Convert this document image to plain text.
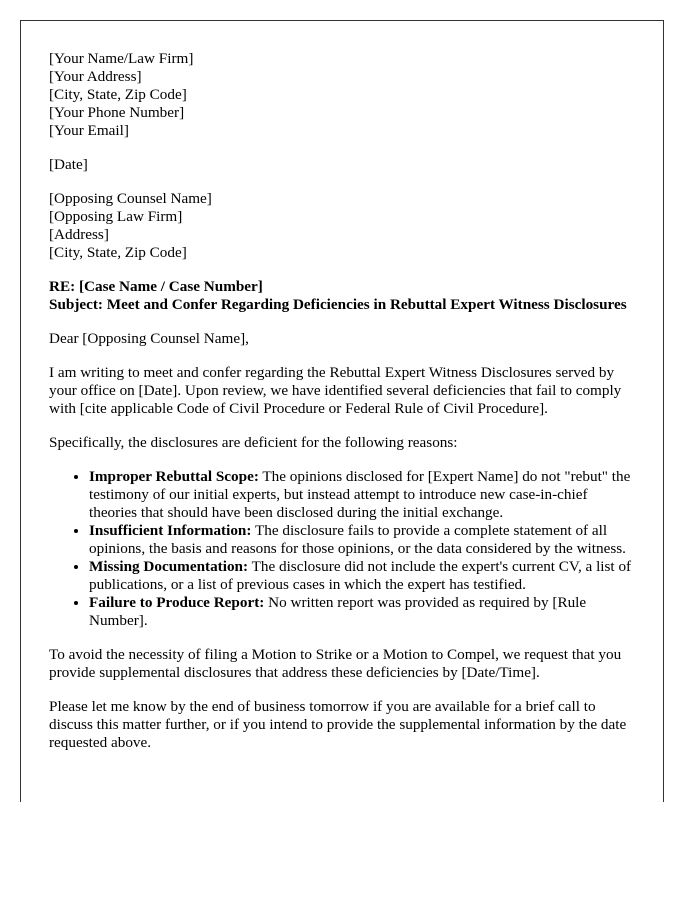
[Your Name/Law Firm]
[Your Address]
[City, State, Zip Code]
[Your Phone Number]
[Your Email]
[Date]
[Opposing Counsel Name]
[Opposing Law Firm]
[Address]
[City, State, Zip Code]
RE: [Case Name / Case Number]
Subject: Meet and Confer Regarding Deficiencies in Rebuttal Expert Witness Disclosures

Dear [Opposing Counsel Name],

I am writing to meet and confer regarding the Rebuttal Expert Witness Disclosures served by your office on [Date]. Upon review, we have identified several deficiencies that fail to comply with [cite applicable Code of Civil Procedure or Federal Rule of Civil Procedure].

Specifically, the disclosures are deficient for the following reasons:

• Improper Rebuttal Scope: The opinions disclosed for [Expert Name] do not "rebut" the testimony of our initial experts, but instead attempt to introduce new case-in-chief theories that should have been disclosed during the initial exchange.
• Insufficient Information: The disclosure fails to provide a complete statement of all opinions, the basis and reasons for those opinions, or the data considered by the witness.
• Missing Documentation: The disclosure did not include the expert's current CV, a list of publications, or a list of previous cases in which the expert has testified.
• Failure to Produce Report: No written report was provided as required by [Rule Number].

To avoid the necessity of filing a Motion to Strike or a Motion to Compel, we request that you provide supplemental disclosures that address these deficiencies by [Date/Time].

Please let me know by the end of business tomorrow if you are available for a brief call to discuss this matter further, or if you intend to provide the supplemental information by the date requested above.
